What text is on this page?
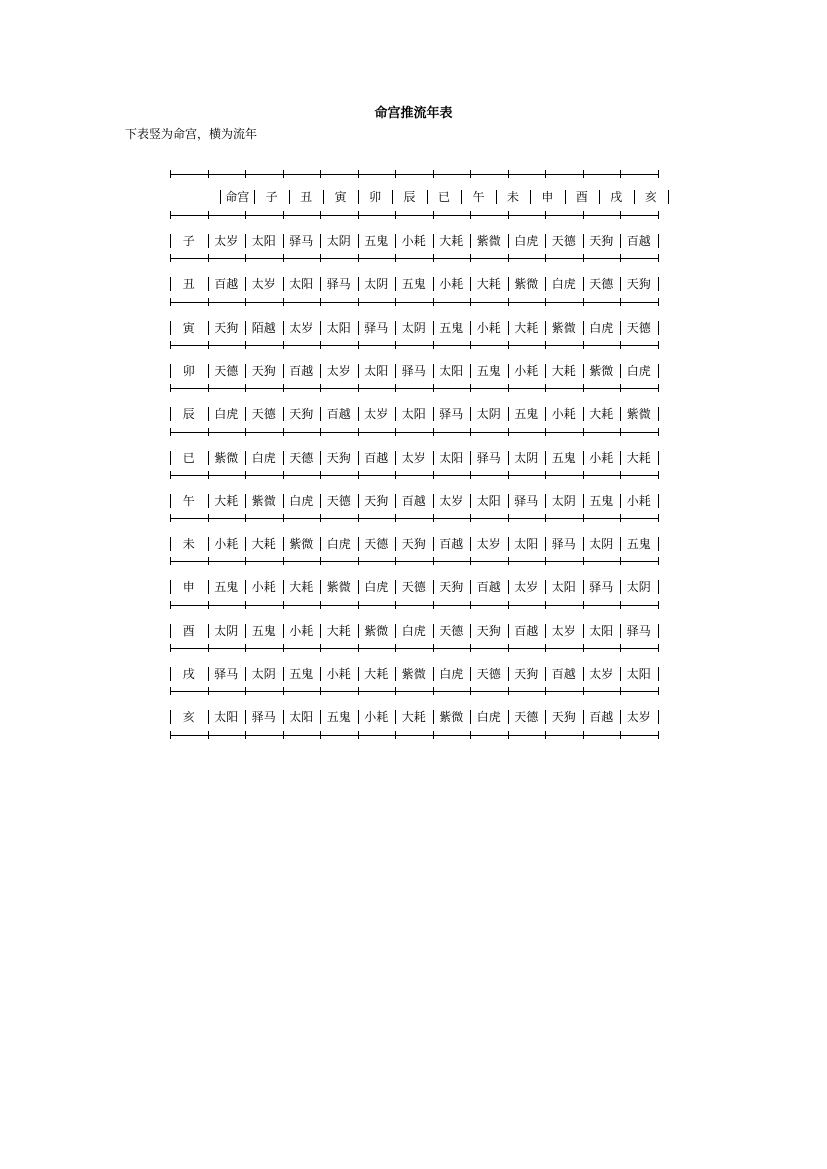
命宫推流年表
下表竖为命宫，横为流年
命宫	子	丑	寅	卯	辰	已	午	未	申	酉	戌	亥
子	太岁	太阳	驿马	太阴	五鬼	小耗	大耗	紫微	白虎	天德	天狗	百越
丑	百越	太岁	太阳	驿马	太阴	五鬼	小耗	大耗	紫微	白虎	天德	天狗
寅	天狗	陌越	太岁	太阳	驿马	太阴	五鬼	小耗	大耗	紫微	白虎	天德
卯	天德	天狗	百越	太岁	太阳	驿马	太阳	五鬼	小耗	大耗	紫微	白虎
辰	白虎	天德	天狗	百越	太岁	太阳	驿马	太阴	五鬼	小耗	大耗	紫微
已	紫微	白虎	天德	天狗	百越	太岁	太阳	驿马	太阴	五鬼	小耗	大耗
午	大耗	紫微	白虎	天德	天狗	百越	太岁	太阳	驿马	太阴	五鬼	小耗
未	小耗	大耗	紫微	白虎	天德	天狗	百越	太岁	太阳	驿马	太阴	五鬼
申	五鬼	小耗	大耗	紫微	白虎	天德	天狗	百越	太岁	太阳	驿马	太阴
酉	太阴	五鬼	小耗	大耗	紫微	白虎	天德	天狗	百越	太岁	太阳	驿马
戌	驿马	太阴	五鬼	小耗	大耗	紫微	白虎	天德	天狗	百越	太岁	太阳
亥	太阳	驿马	太阳	五鬼	小耗	大耗	紫微	白虎	天德	天狗	百越	太岁
